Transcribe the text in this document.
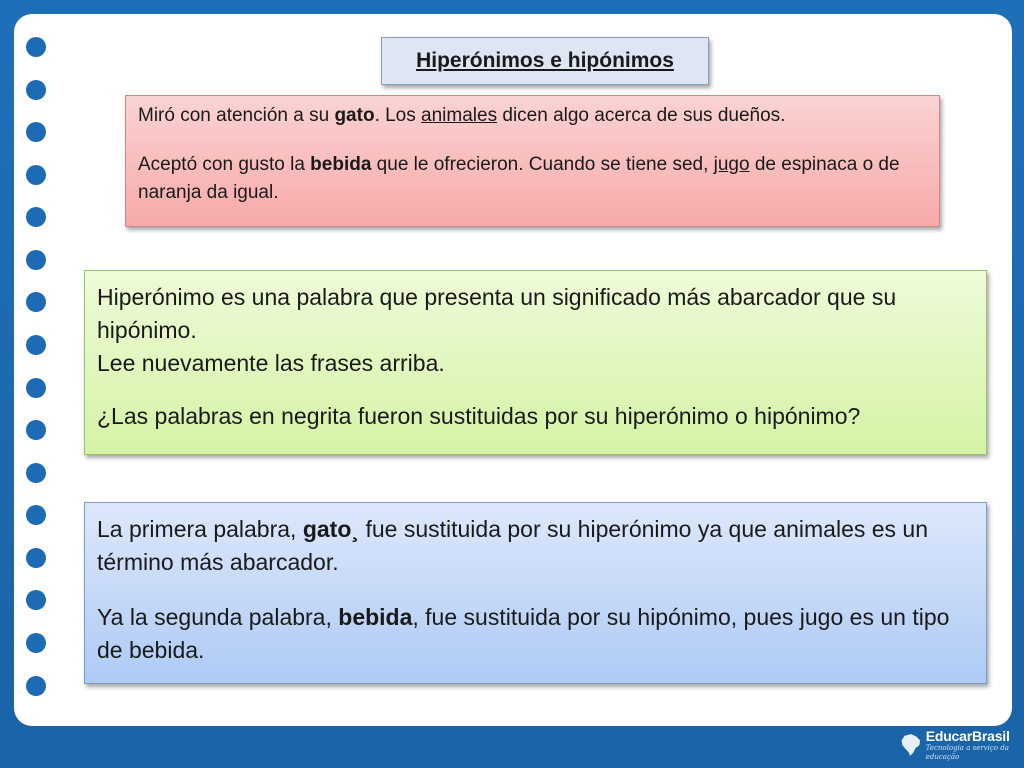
Hiperónimos e hipónimos

Miró con atención a su gato. Los animales dicen algo acerca de sus dueños.

Aceptó con gusto la bebida que le ofrecieron. Cuando se tiene sed, jugo de espinaca o de naranja da igual.

Hiperónimo es una palabra que presenta un significado más abarcador que su hipónimo.

Lee nuevamente las frases arriba.

¿Las palabras en negrita fueron sustituidas por su hiperónimo o hipónimo?

La primera palabra, gato¸ fue sustituida por su hiperónimo ya que animales es un término más abarcador.

Ya la segunda palabra, bebida, fue sustituida por su hipónimo, pues jugo es un tipo de bebida.

EducarBrasil
Tecnologia a serviço da educação
